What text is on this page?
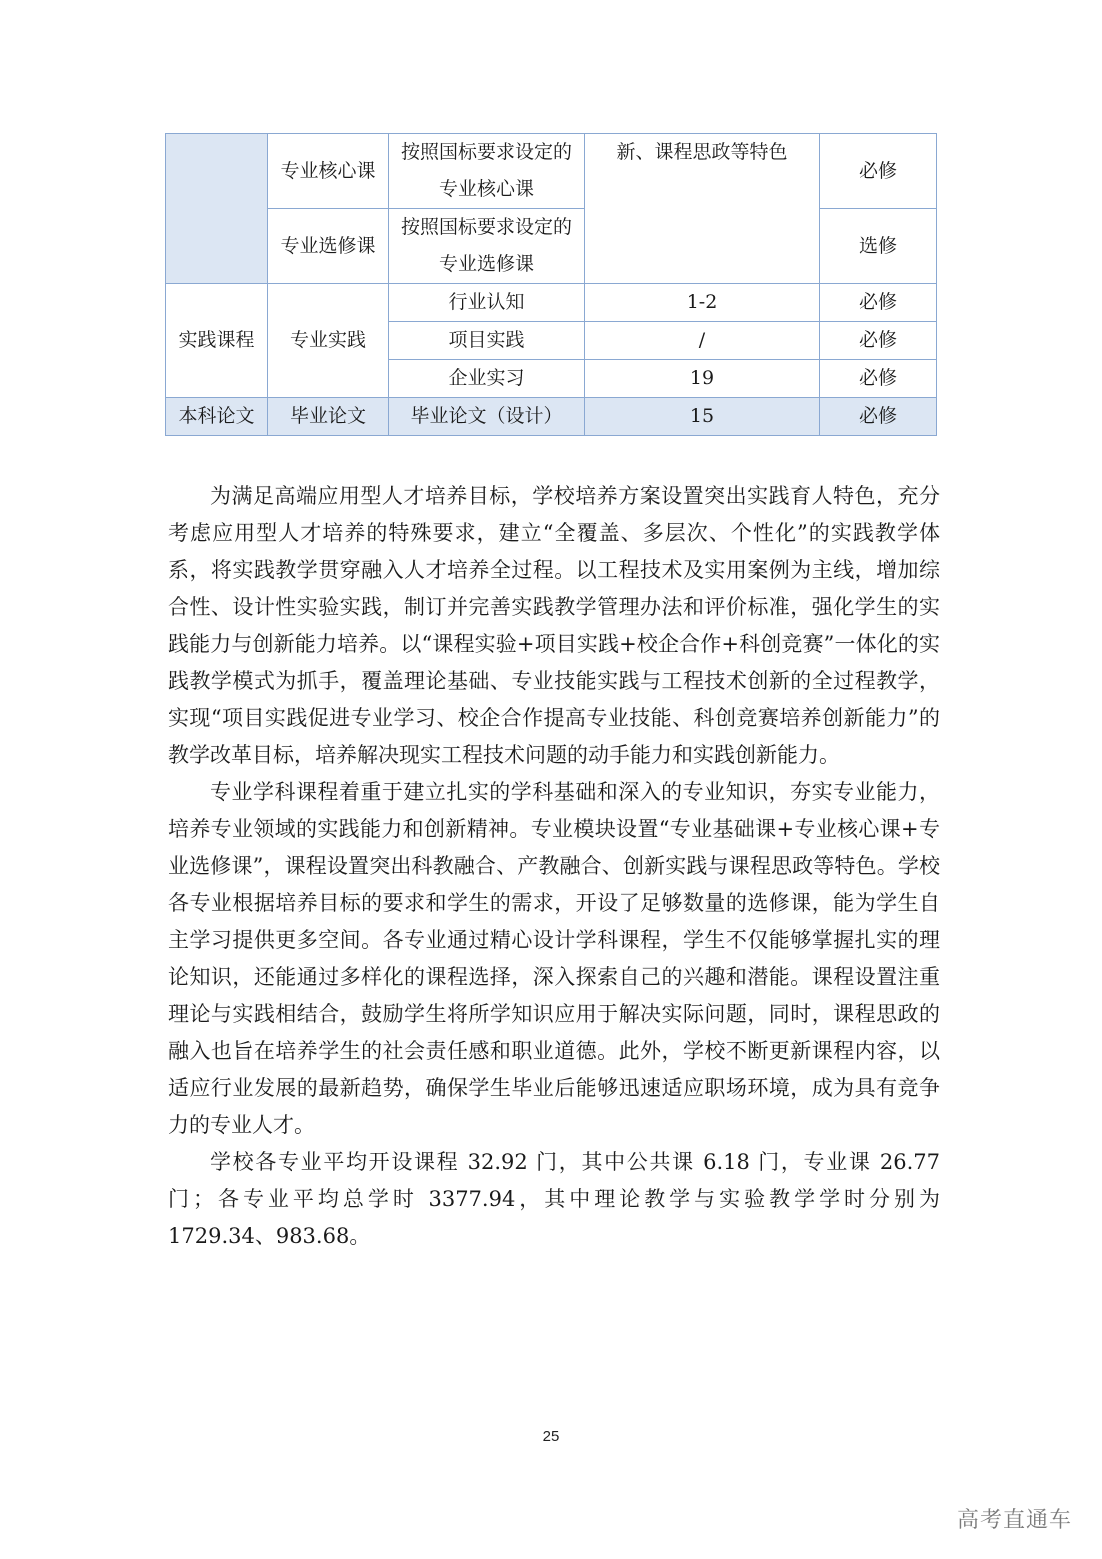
	专业核心课	按照国标要求设定的专业核心课	新、课程思政等特色	必修
	专业选修课	按照国标要求设定的专业选修课		选修
实践课程	专业实践	行业认知	1-2	必修
		项目实践	/	必修
		企业实习	19	必修
本科论文	毕业论文	毕业论文（设计）	15	必修

为满足高端应用型人才培养目标，学校培养方案设置突出实践育人特色，充分考虑应用型人才培养的特殊要求，建立“全覆盖、多层次、个性化”的实践教学体系，将实践教学贯穿融入人才培养全过程。以工程技术及实用案例为主线，增加综合性、设计性实验实践，制订并完善实践教学管理办法和评价标准，强化学生的实践能力与创新能力培养。以“课程实验+项目实践+校企合作+科创竞赛”一体化的实践教学模式为抓手，覆盖理论基础、专业技能实践与工程技术创新的全过程教学，实现“项目实践促进专业学习、校企合作提高专业技能、科创竞赛培养创新能力”的教学改革目标，培养解决现实工程技术问题的动手能力和实践创新能力。

专业学科课程着重于建立扎实的学科基础和深入的专业知识，夯实专业能力，培养专业领域的实践能力和创新精神。专业模块设置“专业基础课+专业核心课+专业选修课”，课程设置突出科教融合、产教融合、创新实践与课程思政等特色。学校各专业根据培养目标的要求和学生的需求，开设了足够数量的选修课，能为学生自主学习提供更多空间。各专业通过精心设计学科课程，学生不仅能够掌握扎实的理论知识，还能通过多样化的课程选择，深入探索自己的兴趣和潜能。课程设置注重理论与实践相结合，鼓励学生将所学知识应用于解决实际问题，同时，课程思政的融入也旨在培养学生的社会责任感和职业道德。此外，学校不断更新课程内容，以适应行业发展的最新趋势，确保学生毕业后能够迅速适应职场环境，成为具有竞争力的专业人才。

学校各专业平均开设课程 32.92 门，其中公共课 6.18 门，专业课 26.77 门；各专业平均总学时 3377.94，其中理论教学与实验教学学时分别为 1729.34、983.68。

25
高考直通车
